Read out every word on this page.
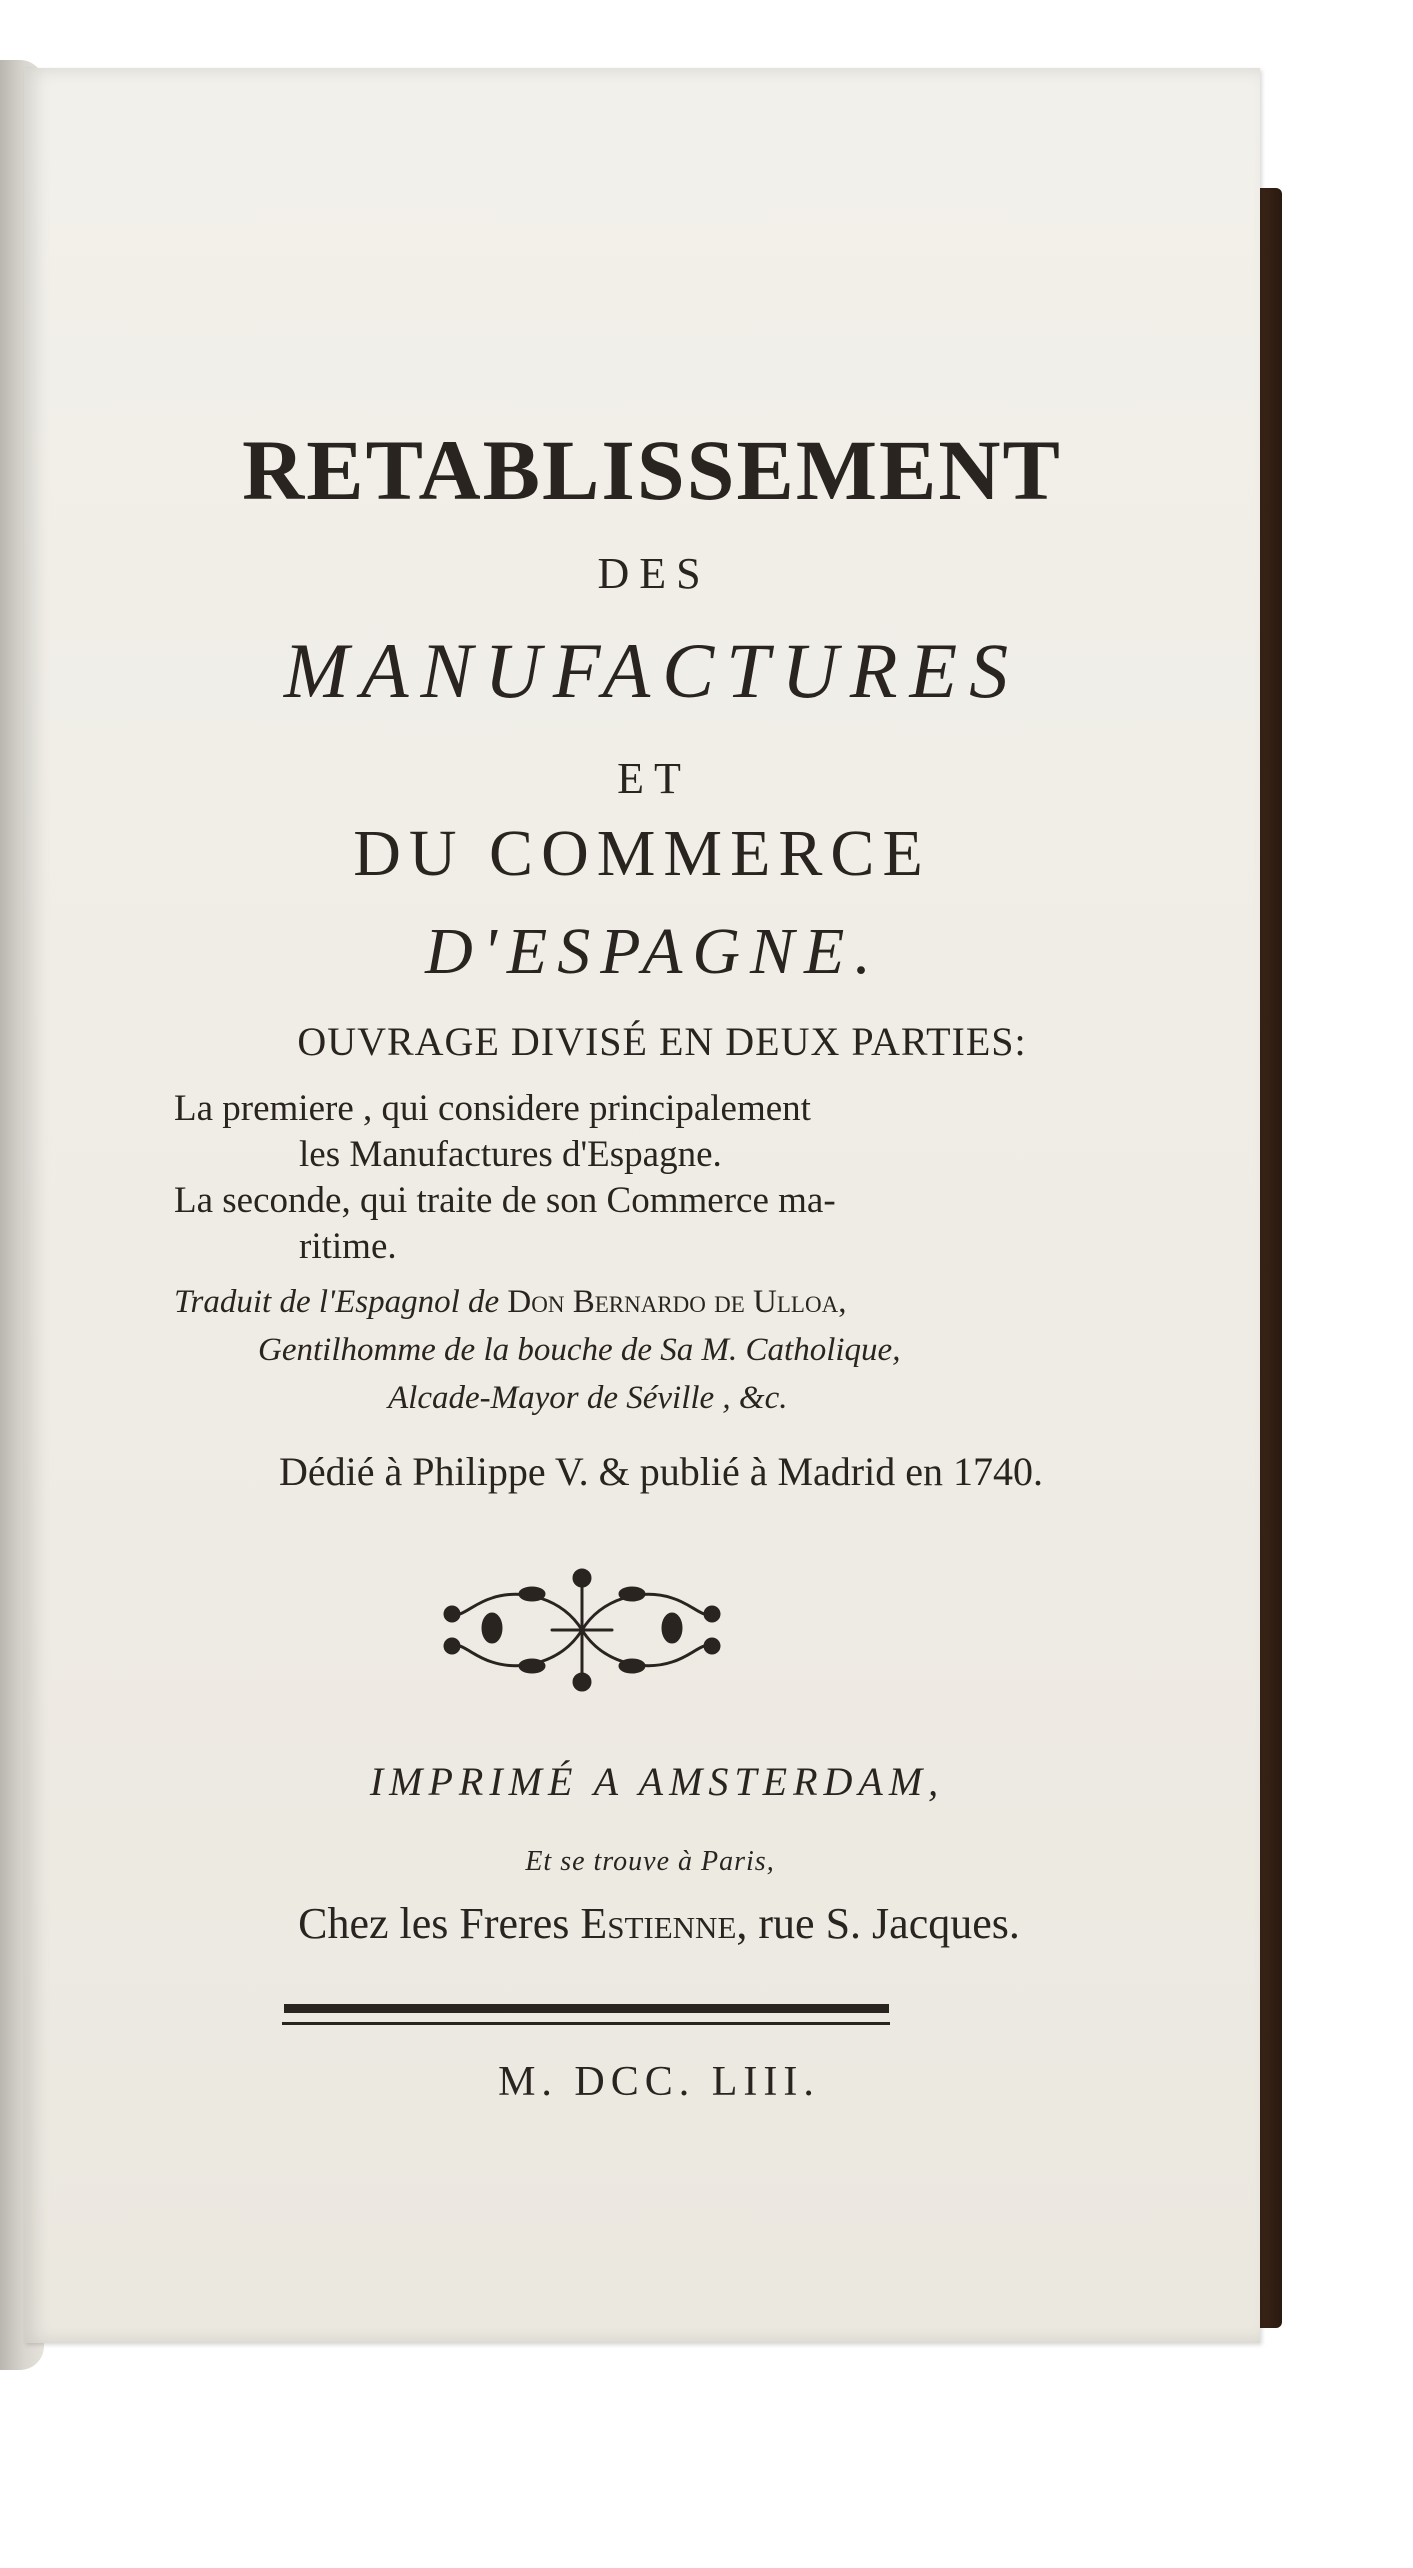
RETABLISSEMENT
DES
MANUFACTURES
ET
DU COMMERCE
D'ESPAGNE.
OUVRAGE DIVISÉ EN DEUX PARTIES:
La premiere , qui considere principalement
les Manufactures d'Espagne.
La seconde, qui traite de son Commerce ma-
ritime.
Traduit de l'Espagnol de Don Bernardo de Ulloa,
Gentilhomme de la bouche de Sa M. Catholique,
Alcade-Mayor de Séville , &c.
Dédié à Philippe V. & publié à Madrid en 1740.
IMPRIMÉ A AMSTERDAM,
Et se trouve à Paris,
Chez les Freres Estienne, rue S. Jacques.
M. DCC. LIII.
